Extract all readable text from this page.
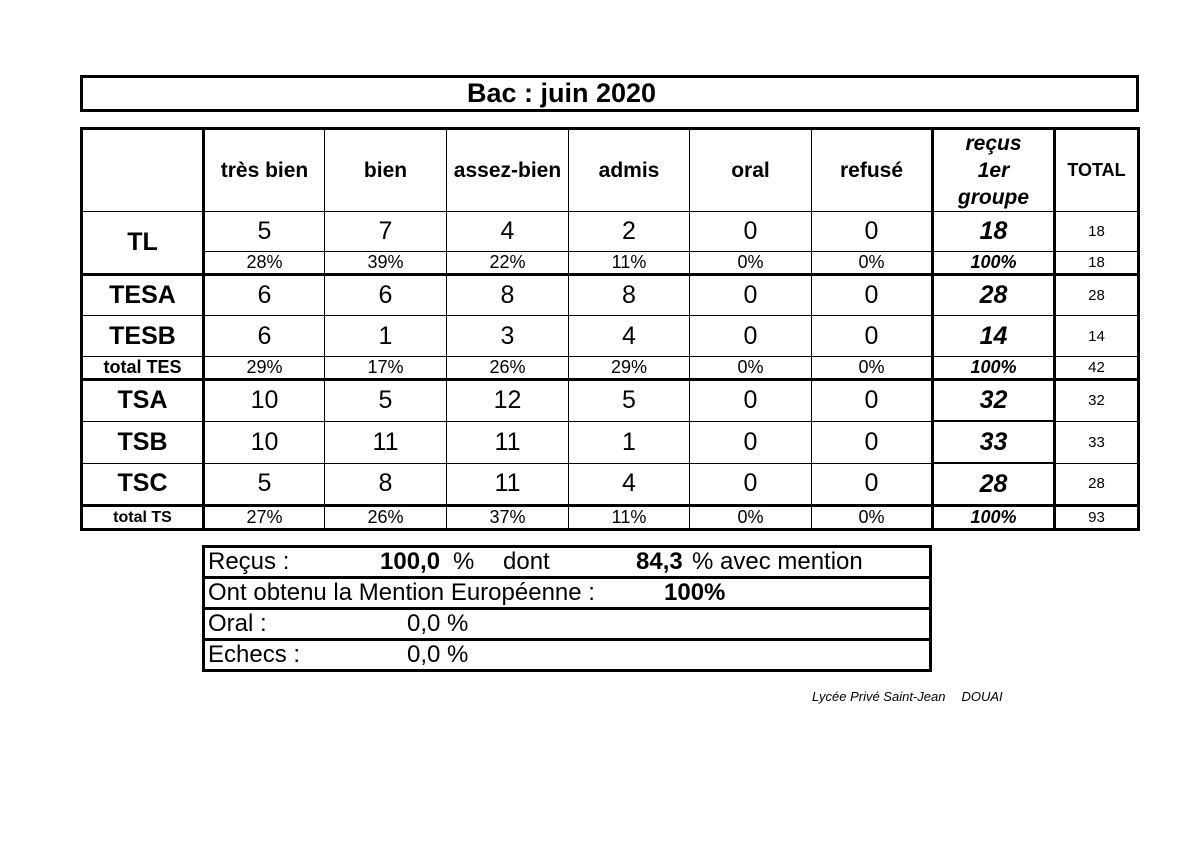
Bac : juin 2020
	très bien	bien	assez-bien	admis	oral	refusé	reçus
1er
groupe	TOTAL
TL	5	7	4	2	0	0	18	18
	28%	39%	22%	11%	0%	0%	100%	18
TESA	6	6	8	8	0	0	28	28
TESB	6	1	3	4	0	0	14	14
total TES	29%	17%	26%	29%	0%	0%	100%	42
TSA	10	5	12	5	0	0	32	32
TSB	10	11	11	1	0	0	33	33
TSC	5	8	11	4	0	0	28	28
total TS	27%	26%	37%	11%	0%	0%	100%	93
Reçus :	100,0 % dont	84,3 % avec mention

Ont obtenu la Mention Européenne :	100%

Oral :	0,0 %

Echecs :	0,0 %
Lycée Privé Saint-Jean DOUAI
